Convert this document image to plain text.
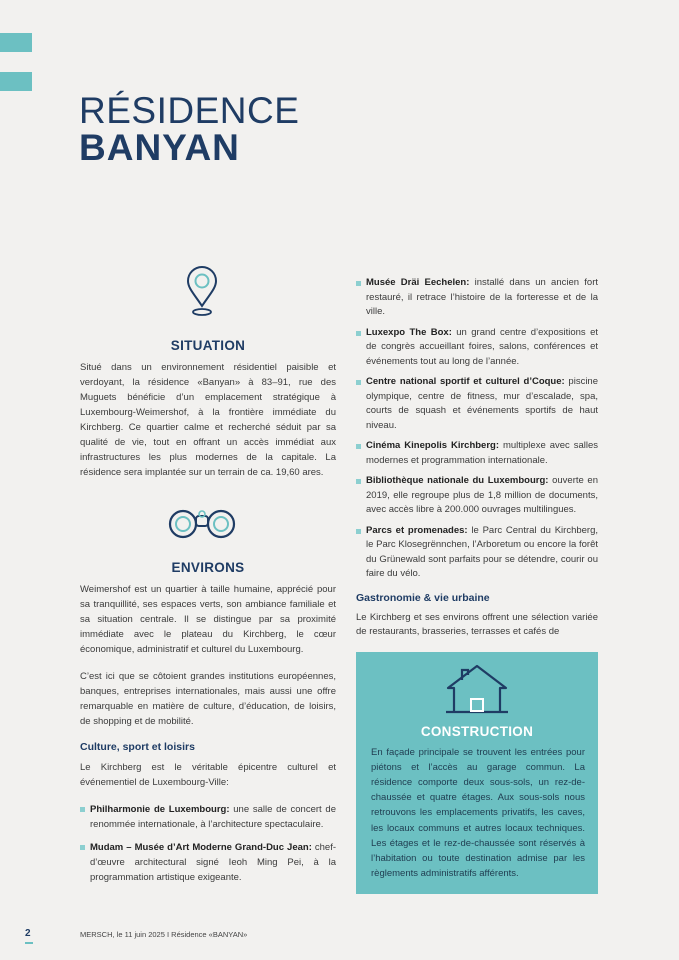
RÉSIDENCE
BANYAN
SITUATION

Situé dans un environnement résidentiel paisible et verdoyant, la résidence «Banyan» à 83–91, rue des Muguets bénéficie d’un emplacement stratégique à Luxembourg-Weimershof, à la frontière immédiate du Kirchberg. Ce quartier calme et recherché séduit par sa qualité de vie, tout en offrant un accès immédiat aux infrastructures les plus modernes de la capitale. La résidence sera implantée sur un terrain de ca. 19,60 ares.

ENVIRONS

Weimershof est un quartier à taille humaine, apprécié pour sa tranquillité, ses espaces verts, son ambiance familiale et sa situation centrale. Il se distingue par sa proximité immédiate avec le plateau du Kirchberg, le cœur économique, administratif et culturel du Luxembourg.

C’est ici que se côtoient grandes institutions européennes, banques, entreprises internationales, mais aussi une offre remarquable en matière de culture, d’éducation, de loisirs, de shopping et de mobilité.

Culture, sport et loisirs

Le Kirchberg est le véritable épicentre culturel et événementiel de Luxembourg-Ville:

Philharmonie de Luxembourg: une salle de concert de renommée internationale, à l’architecture spectaculaire.
Mudam – Musée d’Art Moderne Grand-Duc Jean: chef-d’œuvre architectural signé Ieoh Ming Pei, à la programmation artistique exigeante.
Musée Dräi Eechelen: installé dans un ancien fort restauré, il retrace l’histoire de la forteresse et de la ville.
Luxexpo The Box: un grand centre d’expositions et de congrès accueillant foires, salons, conférences et événements tout au long de l’année.
Centre national sportif et culturel d’Coque: piscine olympique, centre de fitness, mur d’escalade, spa, courts de squash et événements sportifs de haut niveau.
Cinéma Kinepolis Kirchberg: multiplexe avec salles modernes et programmation internationale.
Bibliothèque nationale du Luxembourg: ouverte en 2019, elle regroupe plus de 1,8 million de documents, avec accès libre à 200.000 ouvrages multilingues.
Parcs et promenades: le Parc Central du Kirchberg, le Parc Klosegrënnchen, l’Arboretum ou encore la forêt du Grünewald sont parfaits pour se détendre, courir ou faire du vélo.
Gastronomie & vie urbaine

Le Kirchberg et ses environs offrent une sélection variée de restaurants, brasseries, terrasses et cafés de

CONSTRUCTION

En façade principale se trouvent les entrées pour piétons et l’accès au garage commun. La résidence comporte deux sous-sols, un rez-de-chaussée et quatre étages. Aux sous-sols nous retrouvons les emplacements privatifs, les caves, les locaux communs et autres locaux techniques. Les étages et le rez-de-chaussée sont réservés à l’habitation ou toute destination admise par les règlements administratifs afférents.

2	MERSCH, le 11 juin 2025 I Résidence «BANYAN»
